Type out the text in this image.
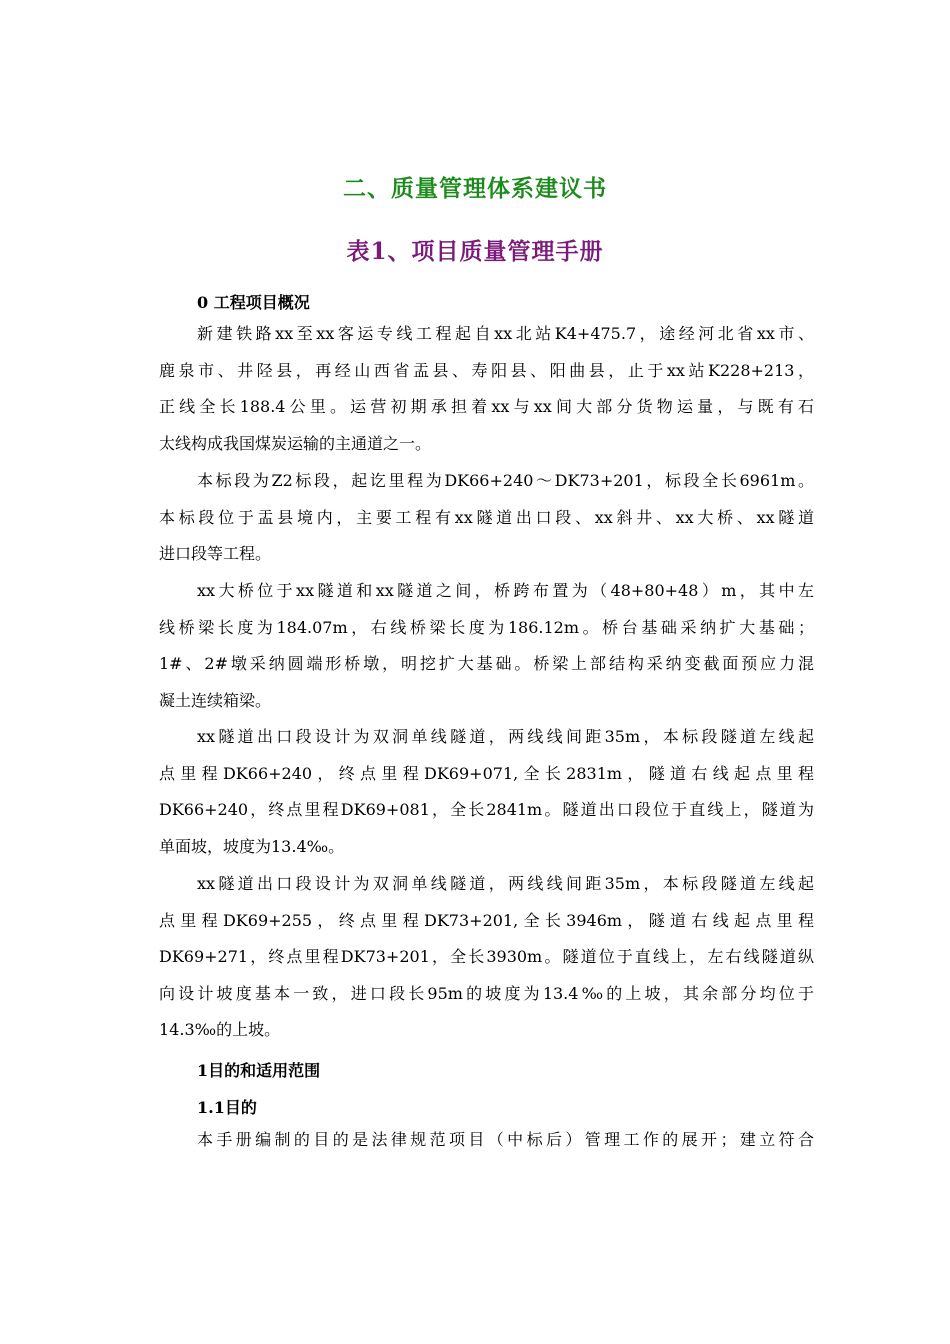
二、质量管理体系建议书
表1、项目质量管理手册
0 工程项目概况

新建铁路xx至xx客运专线工程起自xx北站K4+475.7，途经河北省xx市、
鹿泉市、井陉县，再经山西省盂县、寿阳县、阳曲县，止于xx站K228+213，
正线全长188.4公里。运营初期承担着xx与xx间大部分货物运量，与既有石
太线构成我国煤炭运输的主通道之一。

本标段为Z2标段，起讫里程为DK66+240～DK73+201，标段全长6961m。
本标段位于盂县境内，主要工程有xx隧道出口段、xx斜井、xx大桥、xx隧道
进口段等工程。

xx大桥位于xx隧道和xx隧道之间，桥跨布置为（48+80+48）m，其中左
线桥梁长度为184.07m，右线桥梁长度为186.12m。桥台基础采纳扩大基础；
1#、2#墩采纳圆端形桥墩，明挖扩大基础。桥梁上部结构采纳变截面预应力混
凝土连续箱梁。

xx隧道出口段设计为双洞单线隧道，两线线间距35m，本标段隧道左线起
点里程DK66+240，终点里程DK69+071,全长2831m，隧道右线起点里程
DK66+240，终点里程DK69+081，全长2841m。隧道出口段位于直线上，隧道为
单面坡，坡度为13.4‰。

xx隧道出口段设计为双洞单线隧道，两线线间距35m，本标段隧道左线起
点里程DK69+255，终点里程DK73+201,全长3946m，隧道右线起点里程
DK69+271，终点里程DK73+201，全长3930m。隧道位于直线上，左右线隧道纵
向设计坡度基本一致，进口段长95m的坡度为13.4‰的上坡，其余部分均位于
14.3‰的上坡。

1目的和适用范围
1.1目的

本手册编制的目的是法律规范项目（中标后）管理工作的展开；建立符合
